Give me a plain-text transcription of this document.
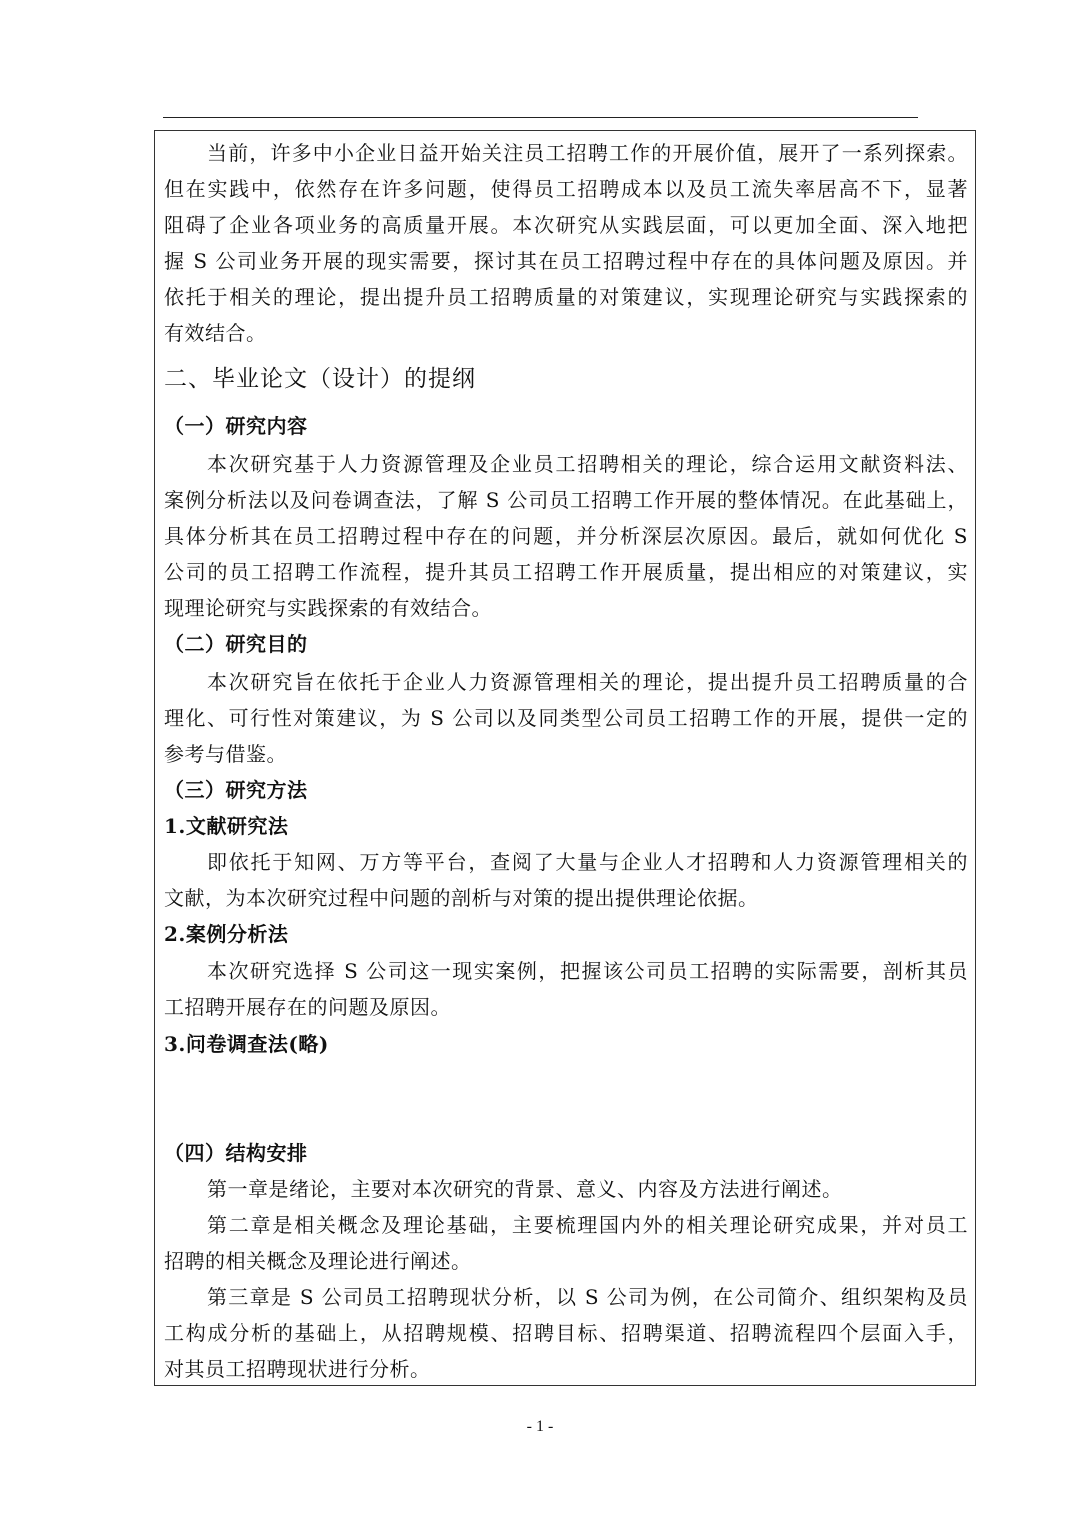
当前，许多中小企业日益开始关注员工招聘工作的开展价值，展开了一系列探索。
但在实践中，依然存在许多问题，使得员工招聘成本以及员工流失率居高不下，显著
阻碍了企业各项业务的高质量开展。本次研究从实践层面，可以更加全面、深入地把
握 S 公司业务开展的现实需要，探讨其在员工招聘过程中存在的具体问题及原因。并
依托于相关的理论，提出提升员工招聘质量的对策建议，实现理论研究与实践探索的
有效结合。
二、毕业论文（设计）的提纲
（一）研究内容
本次研究基于人力资源管理及企业员工招聘相关的理论，综合运用文献资料法、
案例分析法以及问卷调查法，了解 S 公司员工招聘工作开展的整体情况。在此基础上，
具体分析其在员工招聘过程中存在的问题，并分析深层次原因。最后，就如何优化 S
公司的员工招聘工作流程，提升其员工招聘工作开展质量，提出相应的对策建议，实
现理论研究与实践探索的有效结合。
（二）研究目的
本次研究旨在依托于企业人力资源管理相关的理论，提出提升员工招聘质量的合
理化、可行性对策建议，为 S 公司以及同类型公司员工招聘工作的开展，提供一定的
参考与借鉴。
（三）研究方法
1.文献研究法
即依托于知网、万方等平台，查阅了大量与企业人才招聘和人力资源管理相关的
文献，为本次研究过程中问题的剖析与对策的提出提供理论依据。
2.案例分析法
本次研究选择 S 公司这一现实案例，把握该公司员工招聘的实际需要，剖析其员
工招聘开展存在的问题及原因。
3.问卷调查法(略)
（四）结构安排
第一章是绪论，主要对本次研究的背景、意义、内容及方法进行阐述。
第二章是相关概念及理论基础，主要梳理国内外的相关理论研究成果，并对员工
招聘的相关概念及理论进行阐述。
第三章是 S 公司员工招聘现状分析，以 S 公司为例，在公司简介、组织架构及员
工构成分析的基础上，从招聘规模、招聘目标、招聘渠道、招聘流程四个层面入手，
对其员工招聘现状进行分析。
- 1 -
